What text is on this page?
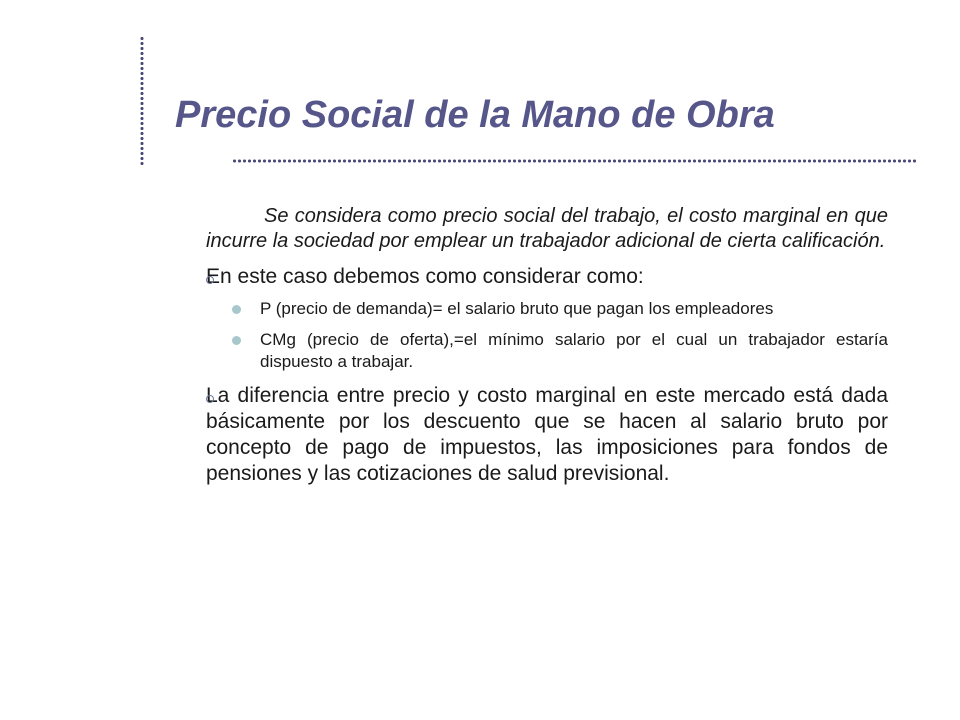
Precio Social de la Mano de Obra

Se considera como precio social del trabajo, el costo marginal en que incurre la sociedad por emplear un trabajador adicional de cierta calificación.

En este caso debemos como considerar como:

P (precio de demanda)= el salario bruto que pagan los empleadores
CMg (precio de oferta),=el mínimo salario por el cual un trabajador estaría dispuesto a trabajar.

La diferencia entre precio y costo marginal en este mercado está dada básicamente por los descuento que se hacen al salario bruto por concepto de pago de impuestos, las imposiciones para fondos de pensiones y las cotizaciones de salud previsional.
